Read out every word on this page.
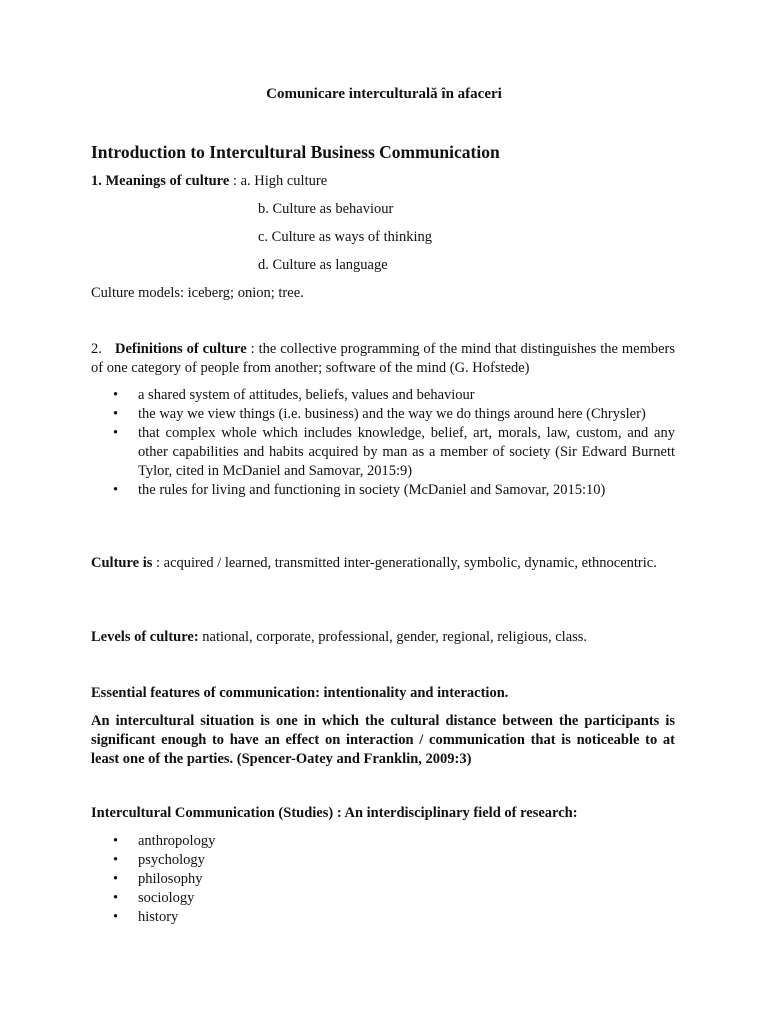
Comunicare interculturală în afaceri
Introduction to Intercultural Business Communication
1. Meanings of culture : a. High culture
b. Culture as behaviour
c. Culture as ways of thinking
d. Culture as language
Culture models: iceberg; onion; tree.
2. Definitions of culture : the collective programming of the mind that distinguishes the members of one category of people from another; software of the mind (G. Hofstede)
• a shared system of attitudes, beliefs, values and behaviour
• the way we view things (i.e. business) and the way we do things around here (Chrysler)
• that complex whole which includes knowledge, belief, art, morals, law, custom, and any other capabilities and habits acquired by man as a member of society (Sir Edward Burnett Tylor, cited in McDaniel and Samovar, 2015:9)
• the rules for living and functioning in society (McDaniel and Samovar, 2015:10)
Culture is : acquired / learned, transmitted inter-generationally, symbolic, dynamic, ethnocentric.
Levels of culture: national, corporate, professional, gender, regional, religious, class.
Essential features of communication: intentionality and interaction.
An intercultural situation is one in which the cultural distance between the participants is significant enough to have an effect on interaction / communication that is noticeable to at least one of the parties. (Spencer-Oatey and Franklin, 2009:3)
Intercultural Communication (Studies) : An interdisciplinary field of research:
• anthropology
• psychology
• philosophy
• sociology
• history
